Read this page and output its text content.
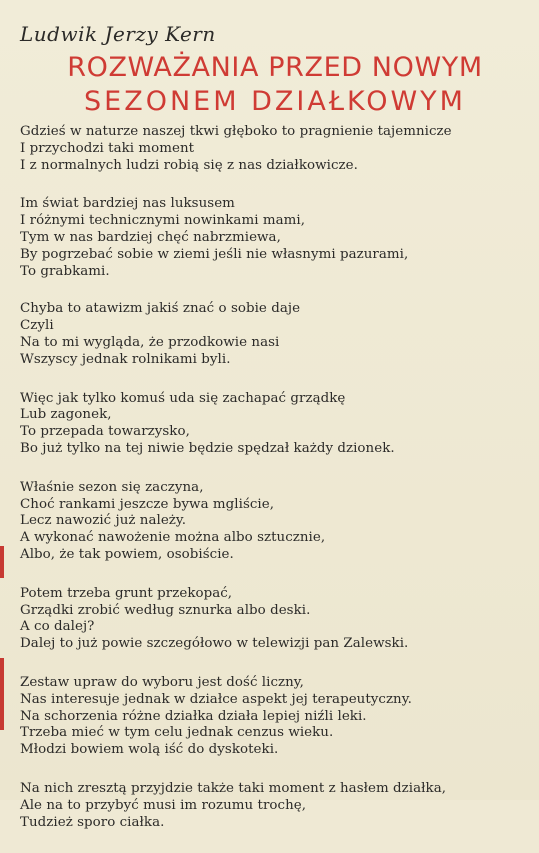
Ludwik Jerzy Kern
ROZWAŻANIA PRZED NOWYM
SEZONEM DZIAŁKOWYM
Gdzieś w naturze naszej tkwi głęboko to pragnienie tajemnicze
I przychodzi taki moment
I z normalnych ludzi robią się z nas działkowicze.
Im świat bardziej nas luksusem
I różnymi technicznymi nowinkami mami,
Tym w nas bardziej chęć nabrzmiewa,
By pogrzebać sobie w ziemi jeśli nie własnymi pazurami,
To grabkami.
Chyba to atawizm jakiś znać o sobie daje
Czyli
Na to mi wygląda, że przodkowie nasi
Wszyscy jednak rolnikami byli.
Więc jak tylko komuś uda się zachapać grządkę
Lub zagonek,
To przepada towarzysko,
Bo już tylko na tej niwie będzie spędzał każdy dzionek.
Właśnie sezon się zaczyna,
Choć rankami jeszcze bywa mgliście,
Lecz nawozić już należy.
A wykonać nawożenie można albo sztucznie,
Albo, że tak powiem, osobiście.
Potem trzeba grunt przekopać,
Grządki zrobić według sznurka albo deski.
A co dalej?
Dalej to już powie szczegółowo w telewizji pan Zalewski.
Zestaw upraw do wyboru jest dość liczny,
Nas interesuje jednak w działce aspekt jej terapeutyczny.
Na schorzenia różne działka działa lepiej niźli leki.
Trzeba mieć w tym celu jednak cenzus wieku.
Młodzi bowiem wolą iść do dyskoteki.
Na nich zresztą przyjdzie także taki moment z hasłem działka,
Ale na to przybyć musi im rozumu trochę,
Tudzież sporo ciałka.
